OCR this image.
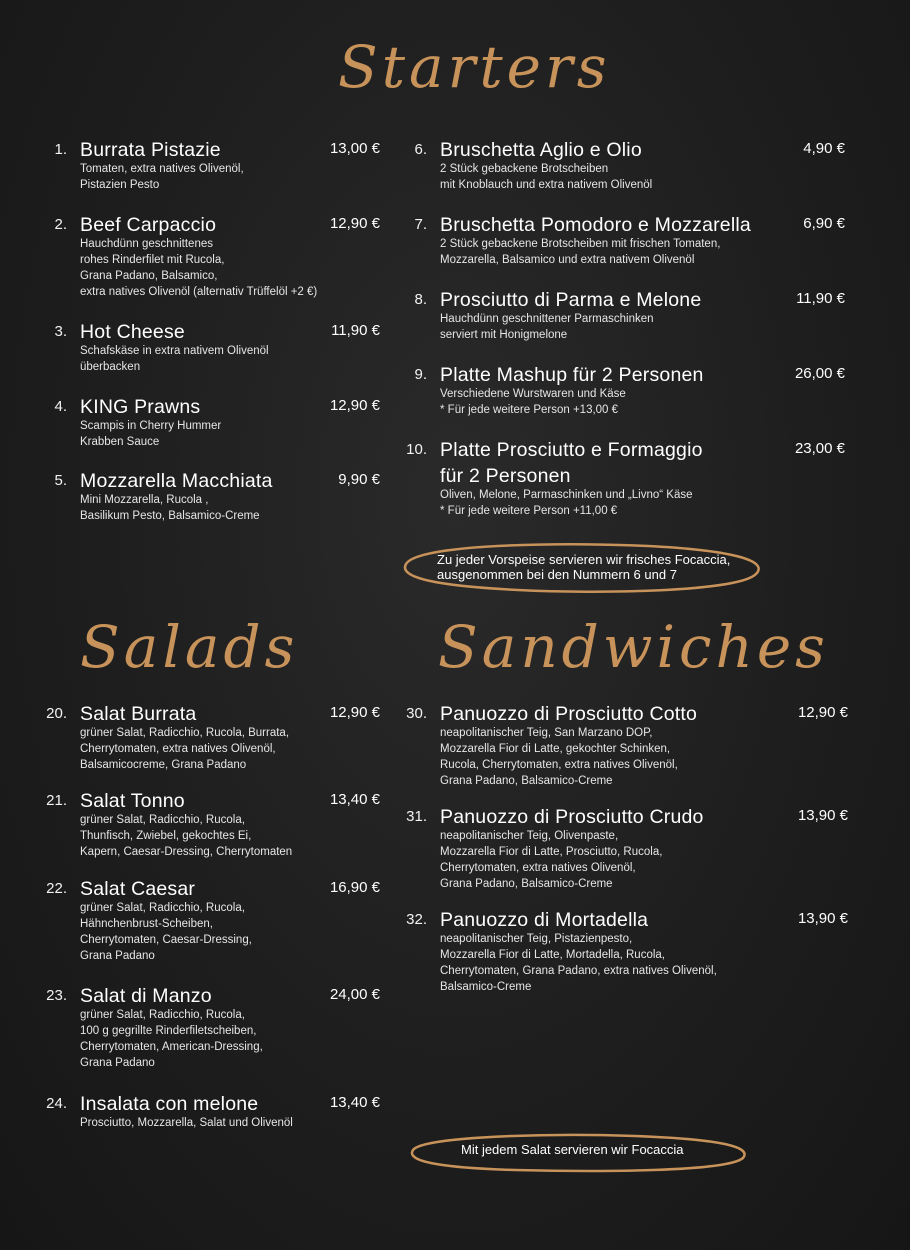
Starters
Salads Sandwiches
1. Burrata Pistazie	13,00 €

Tomaten, extra natives Olivenöl,
Pistazien Pesto

2. Beef Carpaccio	12,90 €

Hauchdünn geschnittenes
rohes Rinderfilet mit Rucola,
Grana Padano, Balsamico,
extra natives Olivenöl (alternativ Trüffelöl +2 €)

3. Hot Cheese	11,90 €

Schafskäse in extra nativem Olivenöl
überbacken

4. KING Prawns	12,90 €

Scampis in Cherry Hummer
Krabben Sauce

5. Mozzarella Macchiata	9,90 €

Mini Mozzarella, Rucola ,
Basilikum Pesto, Balsamico-Creme

6. Bruschetta Aglio e Olio	4,90 €

2 Stück gebackene Brotscheiben
mit Knoblauch und extra nativem Olivenöl

7. Bruschetta Pomodoro e Mozzarella	6,90 €

2 Stück gebackene Brotscheiben mit frischen Tomaten,
Mozzarella, Balsamico und extra nativem Olivenöl

8. Prosciutto di Parma e Melone	11,90 €

Hauchdünn geschnittener Parmaschinken
serviert mit Honigmelone

9. Platte Mashup für 2 Personen	26,00 €

Verschiedene Wurstwaren und Käse

* Für jede weitere Person +13,00 €

10. Platte Prosciutto e Formaggio
für 2 Personen
23,00 €

Oliven, Melone, Parmaschinken und „Livno“ Käse

* Für jede weitere Person +11,00 €

Zu jeder Vorspeise servieren wir frisches Focaccia,
ausgenommen bei den Nummern 6 und 7
20. Salat Burrata	12,90 €

grüner Salat, Radicchio, Rucola, Burrata,
Cherrytomaten, extra natives Olivenöl,
Balsamicocreme, Grana Padano

21. Salat Tonno	13,40 €

grüner Salat, Radicchio, Rucola,
Thunfisch, Zwiebel, gekochtes Ei,
Kapern, Caesar-Dressing, Cherrytomaten

22. Salat Caesar	16,90 €

grüner Salat, Radicchio, Rucola,
Hähnchenbrust-Scheiben,
Cherrytomaten, Caesar-Dressing,
Grana Padano

23. Salat di Manzo	24,00 €

grüner Salat, Radicchio, Rucola,
100 g gegrillte Rinderfiletscheiben,
Cherrytomaten, American-Dressing,
Grana Padano

24. Insalata con melone	13,40 €

Prosciutto, Mozzarella, Salat und Olivenöl

30. Panuozzo di Prosciutto Cotto	12,90 €

neapolitanischer Teig, San Marzano DOP,
Mozzarella Fior di Latte, gekochter Schinken,
Rucola, Cherrytomaten, extra natives Olivenöl,
Grana Padano, Balsamico-Creme

31. Panuozzo di Prosciutto Crudo	13,90 €

neapolitanischer Teig, Olivenpaste,
Mozzarella Fior di Latte, Prosciutto, Rucola,
Cherrytomaten, extra natives Olivenöl,
Grana Padano, Balsamico-Creme

32. Panuozzo di Mortadella	13,90 €

neapolitanischer Teig, Pistazienpesto,
Mozzarella Fior di Latte, Mortadella, Rucola,
Cherrytomaten, Grana Padano, extra natives Olivenöl,
Balsamico-Creme

Mit jedem Salat servieren wir Focaccia
